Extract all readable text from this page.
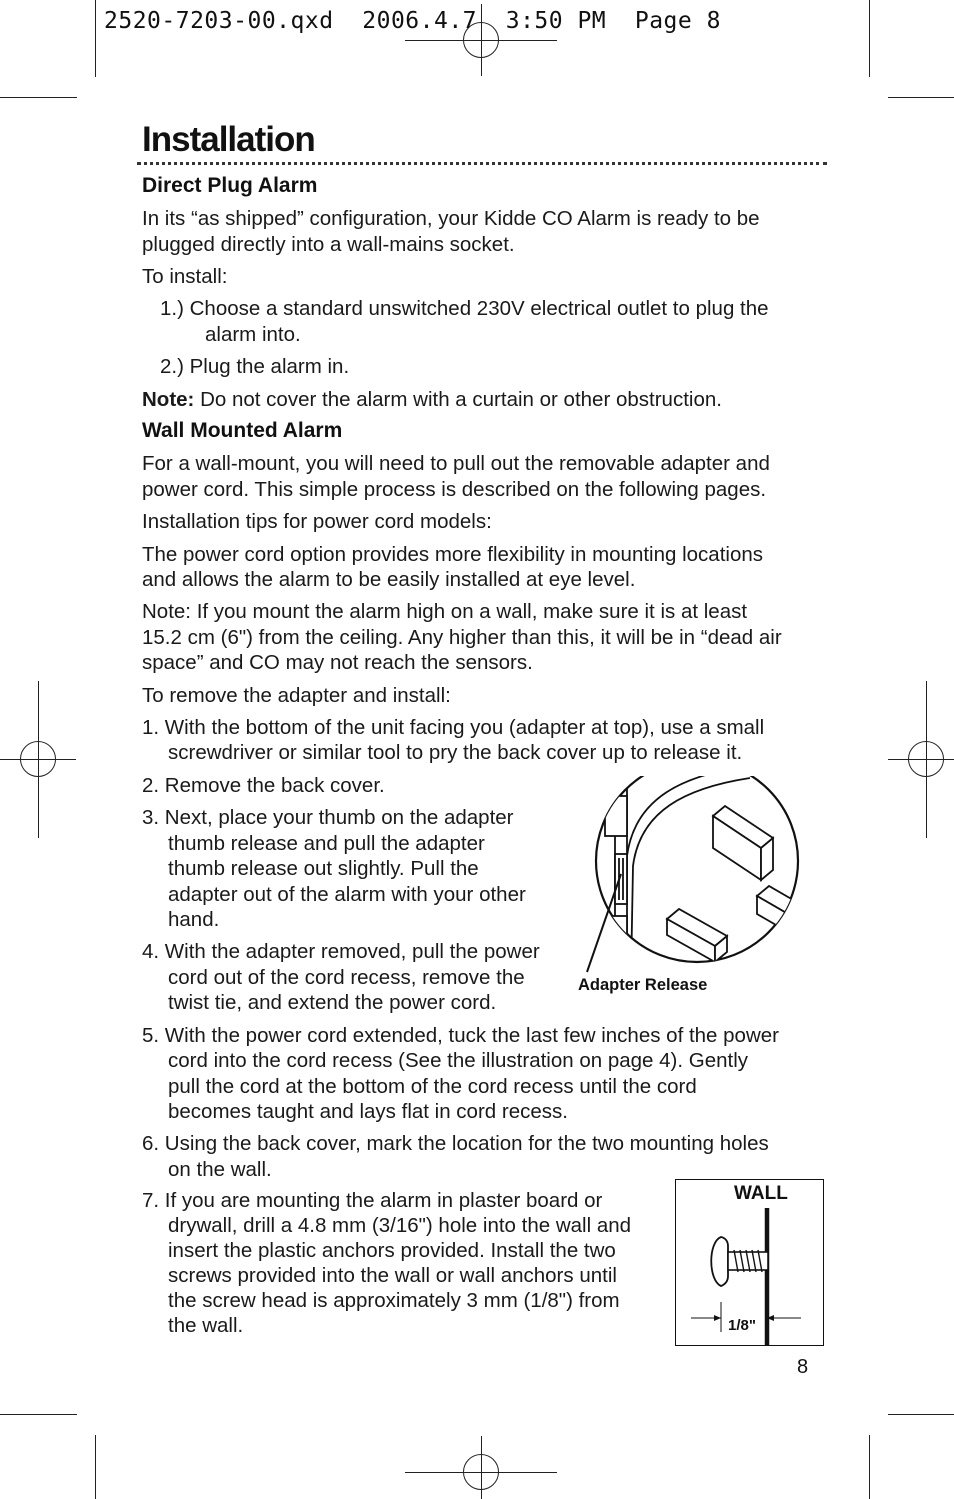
2520-7203-00.qxd  2006.4.7  3:50 PM  Page 8
Installation
Direct Plug Alarm
In its “as shipped” configuration, your Kidde CO Alarm is ready to be
plugged directly into a wall-mains socket.
To install:
1.) Choose a standard unswitched 230V electrical outlet to plug the
alarm into.
2.) Plug the alarm in.
Note: Do not cover the alarm with a curtain or other obstruction.
Wall Mounted Alarm
For a wall-mount, you will need to pull out the removable adapter and
power cord. This simple process is described on the following pages.
Installation tips for power cord models:
The power cord option provides more flexibility in mounting locations
and allows the alarm to be easily installed at eye level.
Note: If you mount the alarm high on a wall, make sure it is at least
15.2 cm (6") from the ceiling. Any higher than this, it will be in “dead air
space” and CO may not reach the sensors.
To remove the adapter and install:
1. With the bottom of the unit facing you (adapter at top), use a small
screwdriver or similar tool to pry the back cover up to release it.
2. Remove the back cover.
3. Next, place your thumb on the adapter
thumb release and pull the adapter
thumb release out slightly. Pull the
adapter out of the alarm with your other
hand.
4. With the adapter removed, pull the power
cord out of the cord recess, remove the
twist tie, and extend the power cord.
5. With the power cord extended, tuck the last few inches of the power
cord into the cord recess (See the illustration on page 4). Gently
pull the cord at the bottom of the cord recess until the cord
becomes taught and lays flat in cord recess.
6. Using the back cover, mark the location for the two mounting holes
on the wall.
7. If you are mounting the alarm in plaster board or
drywall, drill a 4.8 mm (3/16") hole into the wall and
insert the plastic anchors provided. Install the two
screws provided into the wall or wall anchors until
the screw head is approximately 3 mm (1/8") from
the wall.
Adapter Release
WALL
1/8"
8
